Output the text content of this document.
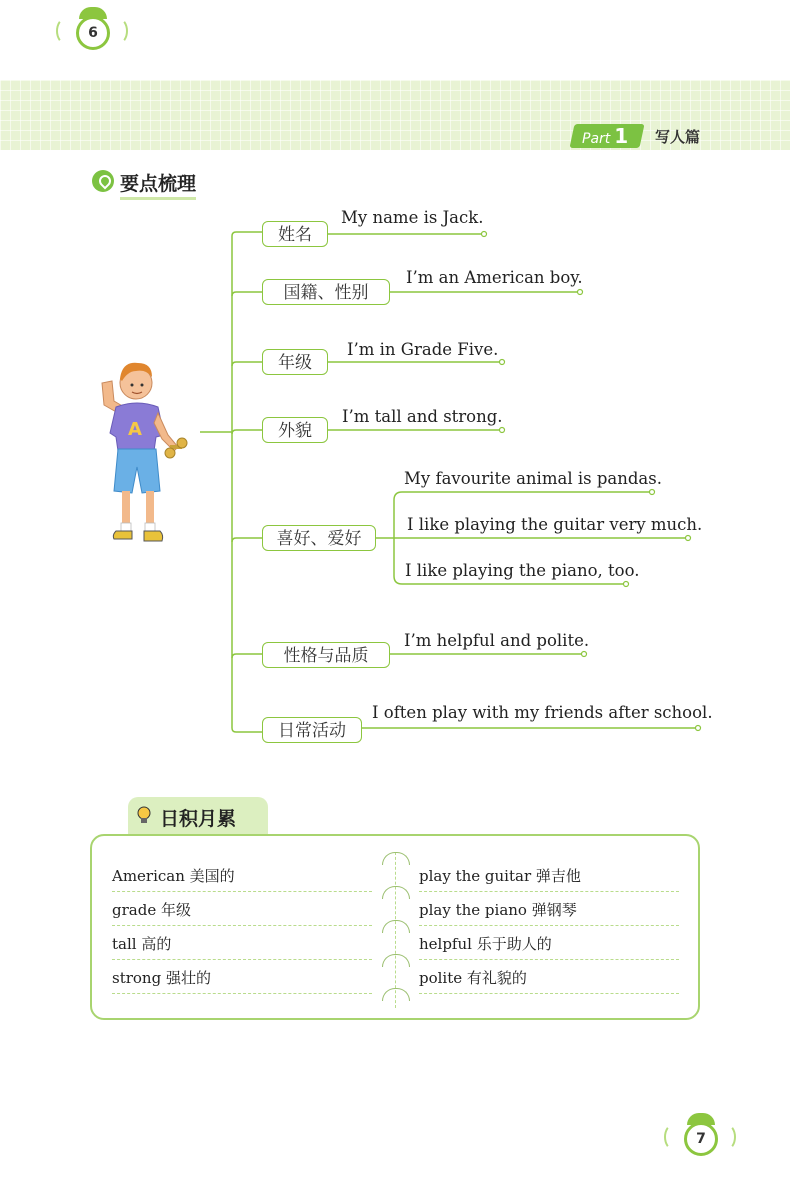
6
7
Part 1 写人篇
要点梳理
姓名
国籍、性别
年级
外貌
喜好、爱好
性格与品质
日常活动
My name is Jack.
I’m an American boy.
I’m in Grade Five.
I’m tall and strong.
My favourite animal is pandas.
I like playing the guitar very much.
I like playing the piano, too.
I’m helpful and polite.
I often play with my friends after school.
A
日积月累
American 美国的
grade 年级
tall 高的
strong 强壮的
play the guitar 弹吉他
play the piano 弹钢琴
helpful 乐于助人的
polite 有礼貌的
